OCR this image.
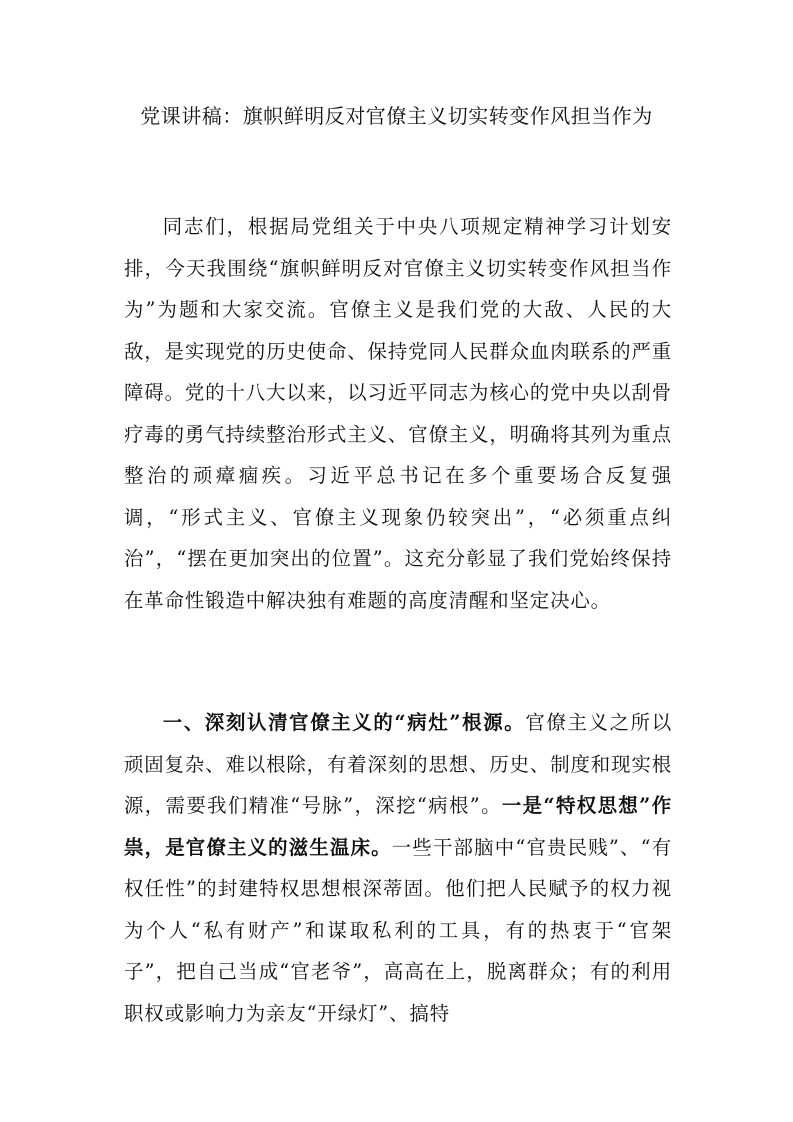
党课讲稿：旗帜鲜明反对官僚主义切实转变作风担当作为

同志们，根据局党组关于中央八项规定精神学习计划安排，今天我围绕“旗帜鲜明反对官僚主义切实转变作风担当作为”为题和大家交流。官僚主义是我们党的大敌、人民的大敌，是实现党的历史使命、保持党同人民群众血肉联系的严重障碍。党的十八大以来，以习近平同志为核心的党中央以刮骨疗毒的勇气持续整治形式主义、官僚主义，明确将其列为重点整治的顽瘴痼疾。习近平总书记在多个重要场合反复强调，“形式主义、官僚主义现象仍较突出”，“必须重点纠治”，“摆在更加突出的位置”。这充分彰显了我们党始终保持在革命性锻造中解决独有难题的高度清醒和坚定决心。

一、深刻认清官僚主义的“病灶”根源。官僚主义之所以顽固复杂、难以根除，有着深刻的思想、历史、制度和现实根源，需要我们精准“号脉”，深挖“病根”。一是“特权思想”作祟，是官僚主义的滋生温床。一些干部脑中“官贵民贱”、“有权任性”的封建特权思想根深蒂固。他们把人民赋予的权力视为个人“私有财产”和谋取私利的工具，有的热衷于“官架子”，把自己当成“官老爷”，高高在上，脱离群众；有的利用职权或影响力为亲友“开绿灯”、搞特
